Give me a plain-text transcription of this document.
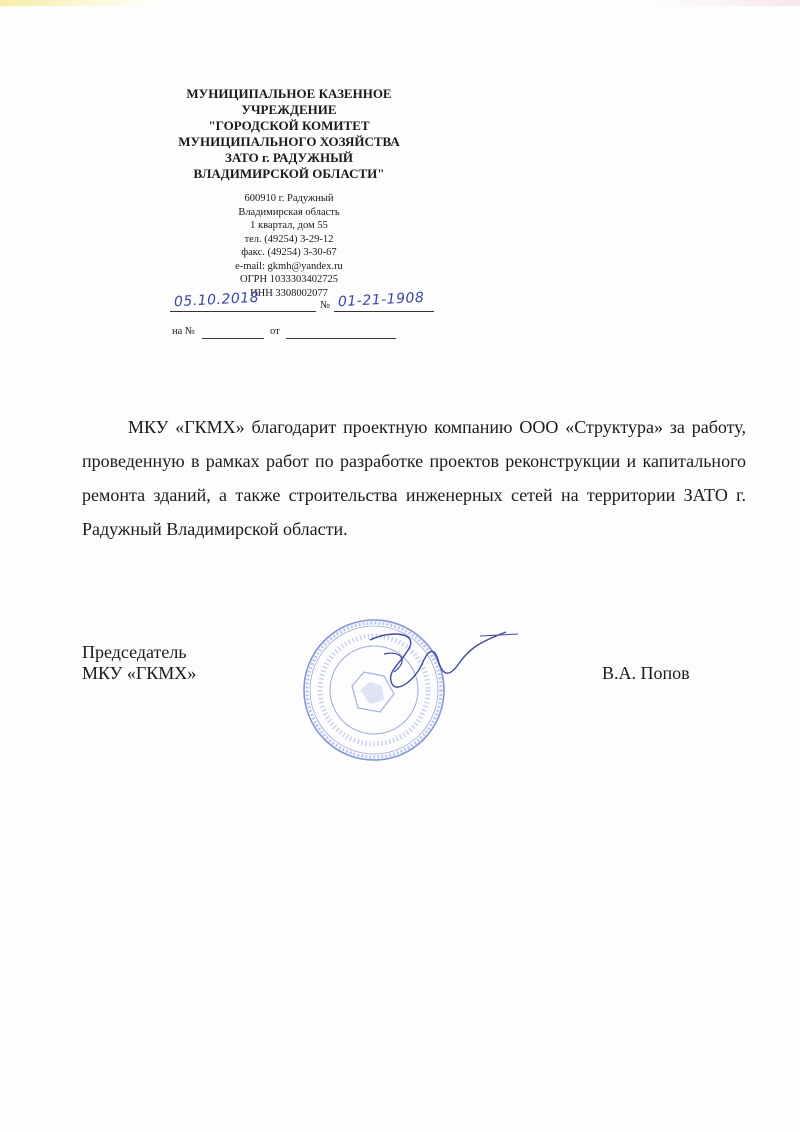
МУНИЦИПАЛЬНОЕ КАЗЕННОЕ
УЧРЕЖДЕНИЕ
"ГОРОДСКОЙ КОМИТЕТ
МУНИЦИПАЛЬНОГО ХОЗЯЙСТВА
ЗАТО г. РАДУЖНЫЙ
ВЛАДИМИРСКОЙ ОБЛАСТИ"
600910 г. Радужный
Владимирская область
1 квартал, дом 55
тел. (49254) 3-29-12
факс. (49254) 3-30-67
e-mail: gkmh@yandex.ru
ОГРН 1033303402725
ИНН 3308002077
05.10.2018	№ 01-21-1908
на №	от
МКУ «ГКМХ» благодарит проектную компанию ООО «Структура» за работу, проведенную в рамках работ по разработке проектов реконструкции и капитального ремонта зданий, а также строительства инженерных сетей на территории ЗАТО г. Радужный Владимирской области.
Председатель
МКУ «ГКМХ»	В.А. Попов
